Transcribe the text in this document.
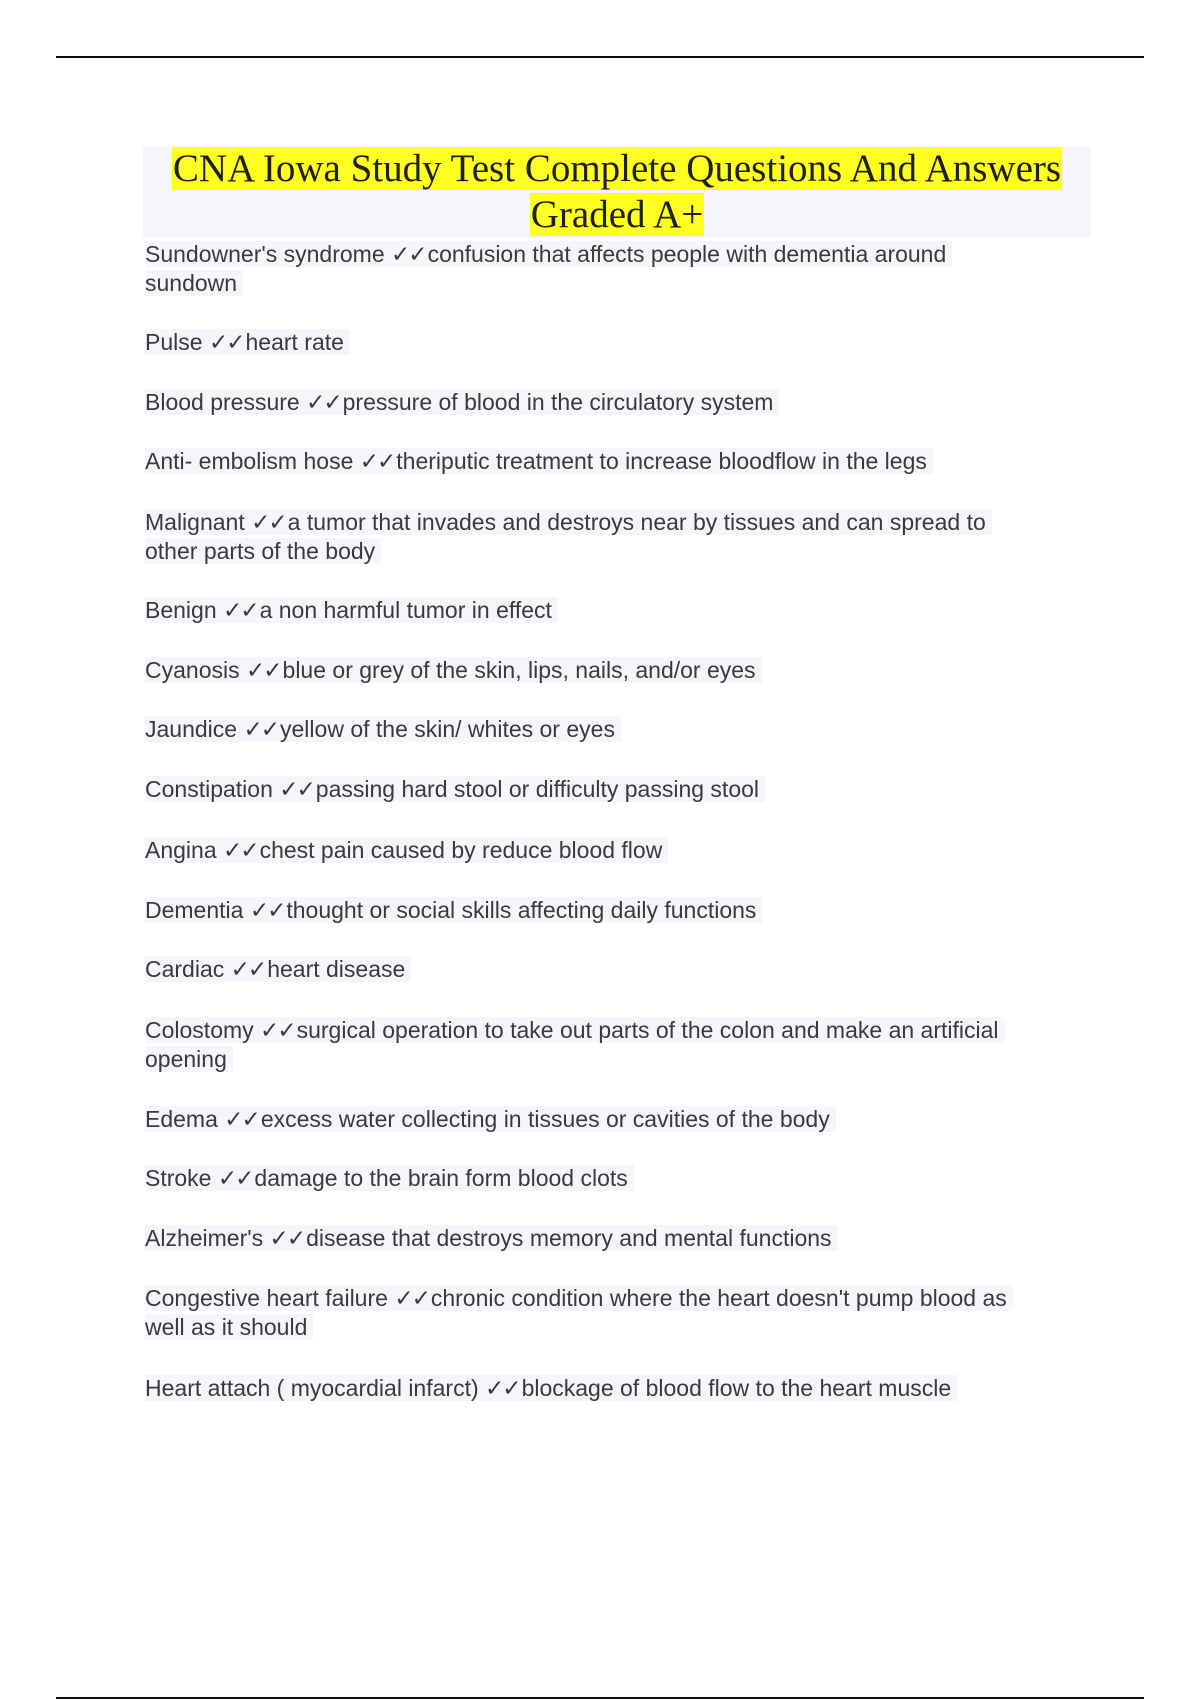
CNA Iowa Study Test Complete Questions And Answers
Graded A+
Sundowner's syndrome ✓✓confusion that affects people with dementia around
sundown
Pulse ✓✓heart rate
Blood pressure ✓✓pressure of blood in the circulatory system
Anti- embolism hose ✓✓theriputic treatment to increase bloodflow in the legs
Malignant ✓✓a tumor that invades and destroys near by tissues and can spread to
other parts of the body
Benign ✓✓a non harmful tumor in effect
Cyanosis ✓✓blue or grey of the skin, lips, nails, and/or eyes
Jaundice ✓✓yellow of the skin/ whites or eyes
Constipation ✓✓passing hard stool or difficulty passing stool
Angina ✓✓chest pain caused by reduce blood flow
Dementia ✓✓thought or social skills affecting daily functions
Cardiac ✓✓heart disease
Colostomy ✓✓surgical operation to take out parts of the colon and make an artificial
opening
Edema ✓✓excess water collecting in tissues or cavities of the body
Stroke ✓✓damage to the brain form blood clots
Alzheimer's ✓✓disease that destroys memory and mental functions
Congestive heart failure ✓✓chronic condition where the heart doesn't pump blood as
well as it should
Heart attach ( myocardial infarct) ✓✓blockage of blood flow to the heart muscle
